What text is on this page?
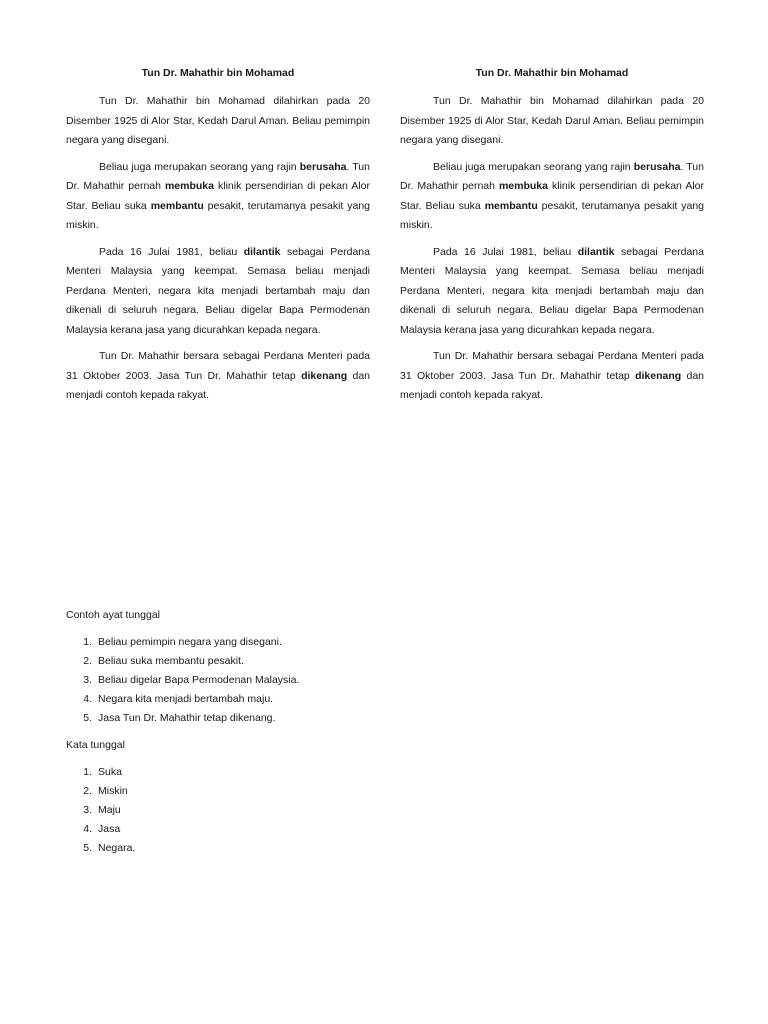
Tun Dr. Mahathir bin Mohamad

Tun Dr. Mahathir bin Mohamad dilahirkan pada 20 Disember 1925 di Alor Star, Kedah Darul Aman. Beliau pemimpin negara yang disegani.

Beliau juga merupakan seorang yang rajin berusaha. Tun Dr. Mahathir pernah membuka klinik persendirian di pekan Alor Star. Beliau suka membantu pesakit, terutamanya pesakit yang miskin.

Pada 16 Julai 1981, beliau dilantik sebagai Perdana Menteri Malaysia yang keempat. Semasa beliau menjadi Perdana Menteri, negara kita menjadi bertambah maju dan dikenali di seluruh negara. Beliau digelar Bapa Permodenan Malaysia kerana jasa yang dicurahkan kepada negara.

Tun Dr. Mahathir bersara sebagai Perdana Menteri pada 31 Oktober 2003. Jasa Tun Dr. Mahathir tetap dikenang dan menjadi contoh kepada rakyat.

Tun Dr. Mahathir bin Mohamad

Tun Dr. Mahathir bin Mohamad dilahirkan pada 20 Disember 1925 di Alor Star, Kedah Darul Aman. Beliau pemimpin negara yang disegani.

Beliau juga merupakan seorang yang rajin berusaha. Tun Dr. Mahathir pernah membuka klinik persendirian di pekan Alor Star. Beliau suka membantu pesakit, terutamanya pesakit yang miskin.

Pada 16 Julai 1981, beliau dilantik sebagai Perdana Menteri Malaysia yang keempat. Semasa beliau menjadi Perdana Menteri, negara kita menjadi bertambah maju dan dikenali di seluruh negara. Beliau digelar Bapa Permodenan Malaysia kerana jasa yang dicurahkan kepada negara.

Tun Dr. Mahathir bersara sebagai Perdana Menteri pada 31 Oktober 2003. Jasa Tun Dr. Mahathir tetap dikenang dan menjadi contoh kepada rakyat.

Contoh ayat tunggal

1. Beliau pemimpin negara yang disegani.
2. Beliau suka membantu pesakit.
3. Beliau digelar Bapa Permodenan Malaysia.
4. Negara kita menjadi bertambah maju.
5. Jasa Tun Dr. Mahathir tetap dikenang.

Kata tunggal

1. Suka
2. Miskin
3. Maju
4. Jasa
5. Negara.
